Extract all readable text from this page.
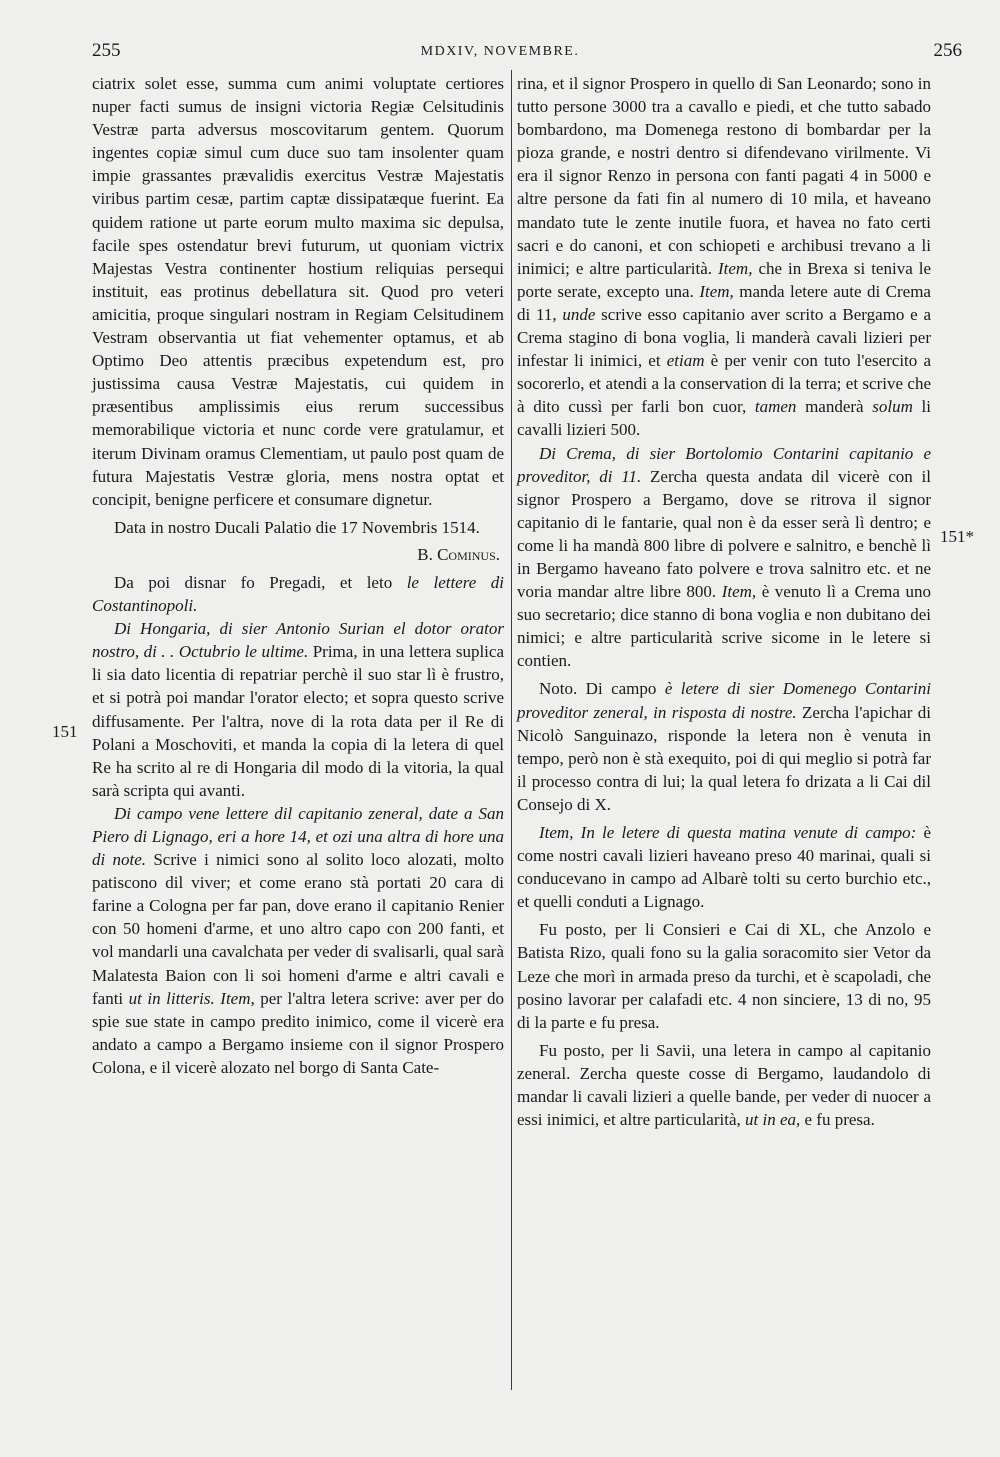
255	MDXIV, NOVEMBRE.	256
151
151*

ciatrix solet esse, summa cum animi voluptate certiores nuper facti sumus de insigni victoria Regiæ Celsitudinis Vestræ parta adversus moscovitarum gentem. Quorum ingentes copiæ simul cum duce suo tam insolenter quam impie grassantes prævalidis exercitus Vestræ Majestatis viribus partim cesæ, partim captæ dissipatæque fuerint. Ea quidem ratione ut parte eorum multo maxima sic depulsa, facile spes ostendatur brevi futurum, ut quoniam victrix Majestas Vestra continenter hostium reliquias persequi instituit, eas protinus debellatura sit. Quod pro veteri amicitia, proque singulari nostram in Regiam Celsitudinem Vestram observantia ut fiat vehementer optamus, et ab Optimo Deo attentis præcibus expetendum est, pro justissima causa Vestræ Majestatis, cui quidem in præsentibus amplissimis eius rerum successibus memorabilique victoria et nunc corde vere gratulamur, et iterum Divinam oramus Clementiam, ut paulo post quam de futura Majestatis Vestræ gloria, mens nostra optat et concipit, benigne perficere et consumare dignetur.

Data in nostro Ducali Palatio die 17 Novembris 1514.

B. Cominus.

Da poi disnar fo Pregadi, et leto le lettere di Costantinopoli.

Di Hongaria, di sier Antonio Surian el dotor orator nostro, di . . Octubrio le ultime. Prima, in una lettera suplica li sia dato licentia di repatriar perchè il suo star lì è frustro, et si potrà poi mandar l'orator electo; et sopra questo scrive diffusamente. Per l'altra, nove di la rota data per il Re di Polani a Moschoviti, et manda la copia di la letera di quel Re ha scrito al re di Hongaria dil modo di la vitoria, la qual sarà scripta qui avanti.

Di campo vene lettere dil capitanio zeneral, date a San Piero di Lignago, eri a hore 14, et ozi una altra di hore una di note. Scrive i nimici sono al solito loco alozati, molto patiscono dil viver; et come erano stà portati 20 cara di farine a Cologna per far pan, dove erano il capitanio Renier con 50 homeni d'arme, et uno altro capo con 200 fanti, et vol mandarli una cavalchata per veder di svalisarli, qual sarà Malatesta Baion con li soi homeni d'arme e altri cavali e fanti ut in litteris. Item, per l'altra letera scrive: aver per do spie sue state in campo predito inimico, come il vicerè era andato a campo a Bergamo insieme con il signor Prospero Colona, e il vicerè alozato nel borgo di Santa Cate-

rina, et il signor Prospero in quello di San Leonardo; sono in tutto persone 3000 tra a cavallo e piedi, et che tutto sabado bombardono, ma Domenega restono di bombardar per la pioza grande, e nostri dentro si difendevano virilmente. Vi era il signor Renzo in persona con fanti pagati 4 in 5000 e altre persone da fati fin al numero di 10 mila, et haveano mandato tute le zente inutile fuora, et havea no fato certi sacri e do canoni, et con schiopeti e archibusi trevano a li inimici; e altre particularità. Item, che in Brexa si teniva le porte serate, excepto una. Item, manda letere aute di Crema di 11, unde scrive esso capitanio aver scrito a Bergamo e a Crema stagino di bona voglia, li manderà cavali lizieri per infestar li inimici, et etiam è per venir con tuto l'esercito a socorerlo, et atendi a la conservation di la terra; et scrive che à dito cussì per farli bon cuor, tamen manderà solum li cavalli lizieri 500.

Di Crema, di sier Bortolomio Contarini capitanio e proveditor, di 11. Zercha questa andata dil vicerè con il signor Prospero a Bergamo, dove se ritrova il signor capitanio di le fantarie, qual non è da esser serà lì dentro; e come li ha mandà 800 libre di polvere e salnitro, e benchè lì in Bergamo haveano fato polvere e trova salnitro etc. et ne voria mandar altre libre 800. Item, è venuto lì a Crema uno suo secretario; dice stanno di bona voglia e non dubitano dei nimici; e altre particularità scrive sicome in le letere si contien.

Noto. Di campo è letere di sier Domenego Contarini proveditor zeneral, in risposta di nostre. Zercha l'apichar di Nicolò Sanguinazo, risponde la letera non è venuta in tempo, però non è stà exequito, poi di qui meglio si potrà far il processo contra di lui; la qual letera fo drizata a li Cai dil Consejo di X.

Item, In le letere di questa matina venute di campo: è come nostri cavali lizieri haveano preso 40 marinai, quali si conducevano in campo ad Albarè tolti su certo burchio etc., et quelli conduti a Lignago.

Fu posto, per li Consieri e Cai di XL, che Anzolo e Batista Rizo, quali fono su la galia soracomito sier Vetor da Leze che morì in armada preso da turchi, et è scapoladi, che posino lavorar per calafadi etc. 4 non sinciere, 13 di no, 95 di la parte e fu presa.

Fu posto, per li Savii, una letera in campo al capitanio zeneral. Zercha queste cosse di Bergamo, laudandolo di mandar li cavali lizieri a quelle bande, per veder di nuocer a essi inimici, et altre particularità, ut in ea, e fu presa.
